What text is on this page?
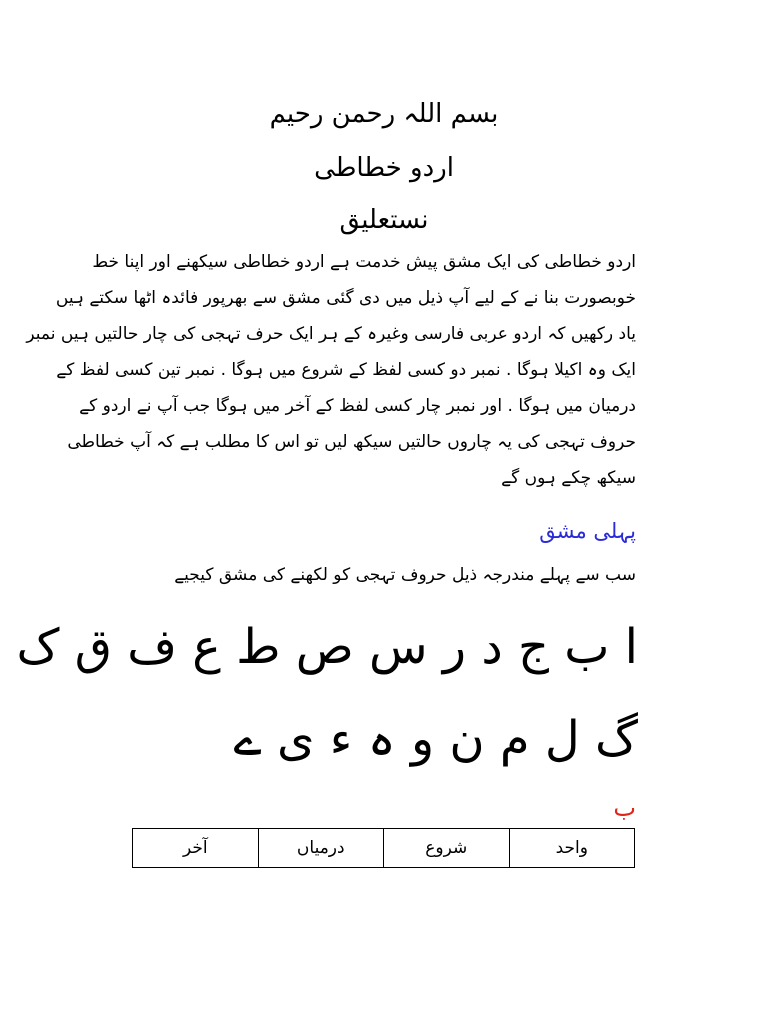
بسم اللہ رحمن رحیم
اردو خطاطی
نستعلیق
اردو خطاطی کی ایک مشق پیش خدمت ہے اردو خطاطی سیکھنے اور اپنا خط
خوبصورت بنا نے کے لیے آپ ذیل میں دی گئی مشق سے بھرپور فائدہ اٹھا سکتے ہیں
یاد رکھیں کہ اردو عربی فارسی وغیرہ کے ہر ایک حرف تہجی کی چار حالتیں ہیں نمبر
ایک وہ اکیلا ہوگا . نمبر دو کسی لفظ کے شروع میں ہوگا . نمبر تین کسی لفظ کے
درمیان میں ہوگا . اور نمبر چار کسی لفظ کے آخر میں ہوگا جب آپ نے اردو کے
حروف تہجی کی یہ چاروں حالتیں سیکھ لیں تو اس کا مطلب ہے کہ آپ خطاطی
سیکھ چکے ہوں گے
پہلی مشق
سب سے پہلے مندرجہ ذیل حروف تہجی کو لکھنے کی مشق کیجیے
ا ب ج د ر س ص ط ع ف ق ک
گ ل م ن و ہ ء ی ے
ب
واحد	شروع	درمیاں	آخر
